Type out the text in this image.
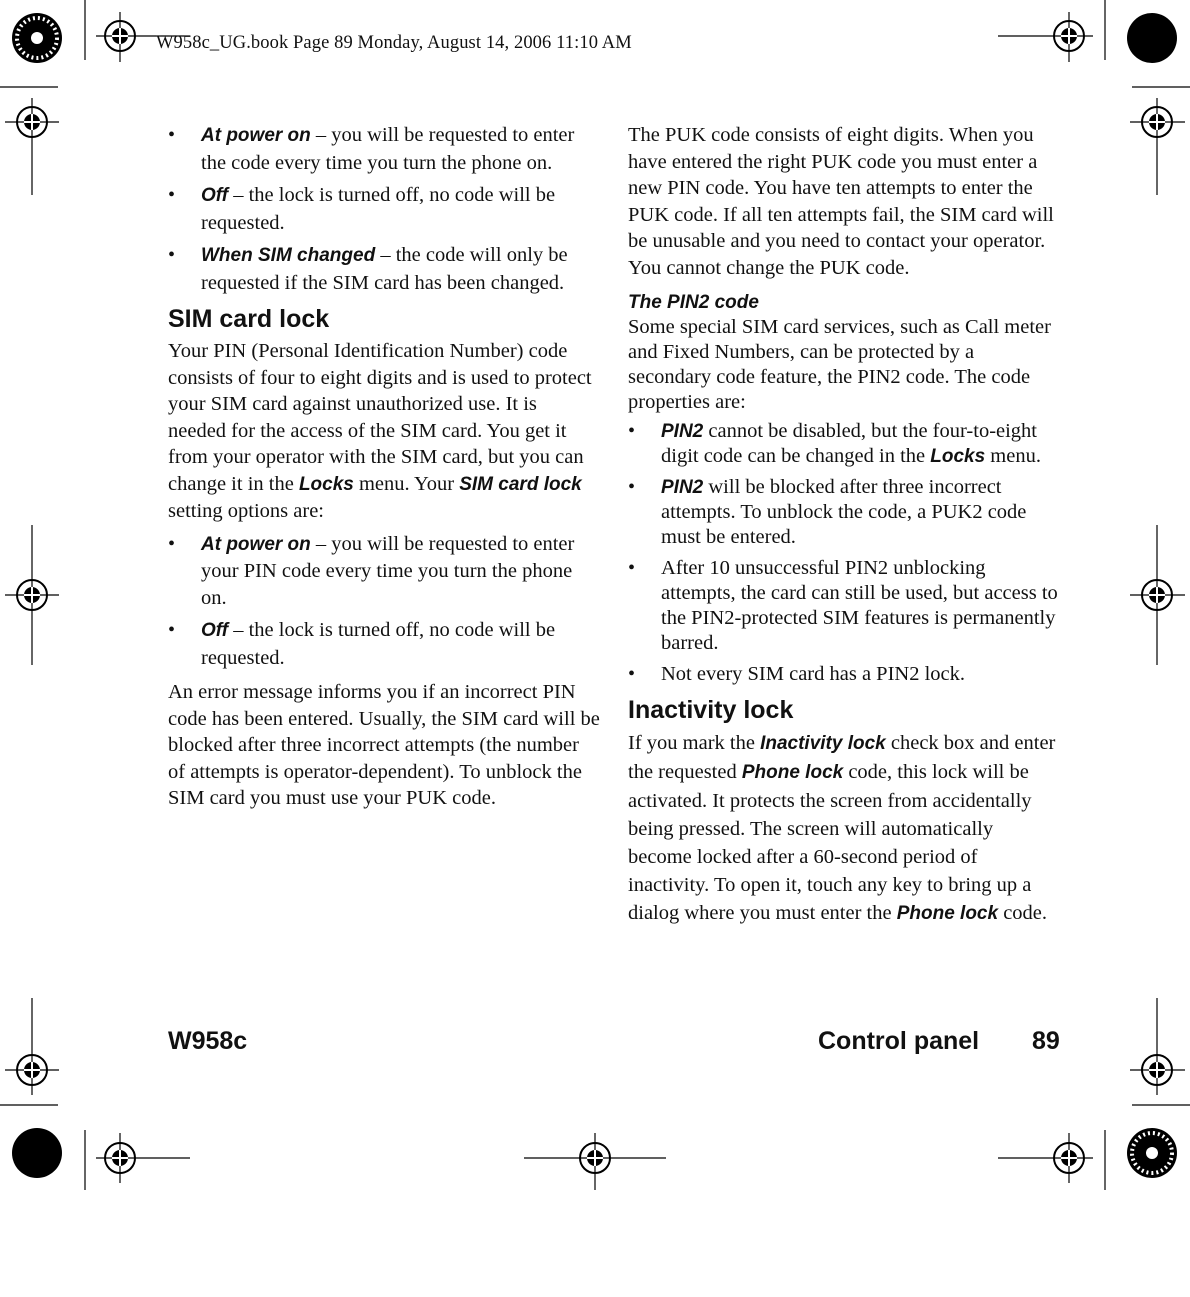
W958c_UG.book Page 89 Monday, August 14, 2006 11:10 AM
• At power on – you will be requested to enter the code every time you turn the phone on.
• Off – the lock is turned off, no code will be requested.
• When SIM changed – the code will only be requested if the SIM card has been changed.
SIM card lock

Your PIN (Personal Identification Number) code consists of four to eight digits and is used to protect your SIM card against unauthorized use. It is needed for the access of the SIM card. You get it from your operator with the SIM card, but you can change it in the Locks menu. Your SIM card lock setting options are:

• At power on – you will be requested to enter your PIN code every time you turn the phone on.
• Off – the lock is turned off, no code will be requested.

An error message informs you if an incorrect PIN code has been entered. Usually, the SIM card will be blocked after three incorrect attempts (the number of attempts is operator-dependent). To unblock the SIM card you must use your PUK code.

The PUK code consists of eight digits. When you have entered the right PUK code you must enter a new PIN code. You have ten attempts to enter the PUK code. If all ten attempts fail, the SIM card will be unusable and you need to contact your operator. You cannot change the PUK code.

The PIN2 code

Some special SIM card services, such as Call meter and Fixed Numbers, can be protected by a secondary code feature, the PIN2 code. The code properties are:

• PIN2 cannot be disabled, but the four-to-eight digit code can be changed in the Locks menu.
• PIN2 will be blocked after three incorrect attempts. To unblock the code, a PUK2 code must be entered.
• After 10 unsuccessful PIN2 unblocking attempts, the card can still be used, but access to the PIN2-protected SIM features is permanently barred.
• Not every SIM card has a PIN2 lock.
Inactivity lock

If you mark the Inactivity lock check box and enter the requested Phone lock code, this lock will be activated. It protects the screen from accidentally being pressed. The screen will automatically become locked after a 60-second period of inactivity. To open it, touch any key to bring up a dialog where you must enter the Phone lock code.

W958c	Control panel 89
